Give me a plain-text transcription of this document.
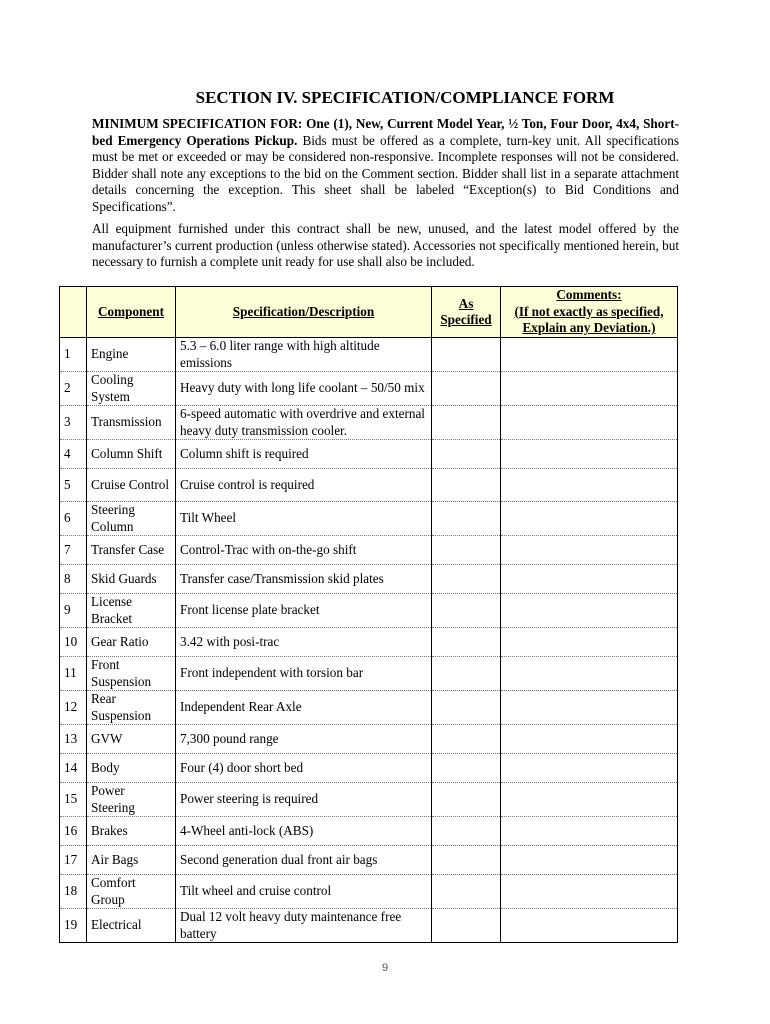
SECTION IV. SPECIFICATION/COMPLIANCE FORM

MINIMUM SPECIFICATION FOR: One (1), New, Current Model Year, ½ Ton, Four Door, 4x4, Short-bed Emergency Operations Pickup. Bids must be offered as a complete, turn-key unit. All specifications must be met or exceeded or may be considered non-responsive. Incomplete responses will not be considered. Bidder shall note any exceptions to the bid on the Comment section. Bidder shall list in a separate attachment details concerning the exception. This sheet shall be labeled “Exception(s) to Bid Conditions and Specifications”.

All equipment furnished under this contract shall be new, unused, and the latest model offered by the manufacturer’s current production (unless otherwise stated). Accessories not specifically mentioned herein, but necessary to furnish a complete unit ready for use shall also be included.

	Component	Specification/Description	As Specified	Comments:
(If not exactly as specified, Explain any Deviation.)
1	Engine	5.3 – 6.0 liter range with high altitude emissions		
2	Cooling System	Heavy duty with long life coolant – 50/50 mix		
3	Transmission	6-speed automatic with overdrive and external heavy duty transmission cooler.		
4	Column Shift	Column shift is required		
5	Cruise Control	Cruise control is required		
6	Steering Column	Tilt Wheel		
7	Transfer Case	Control-Trac with on-the-go shift		
8	Skid Guards	Transfer case/Transmission skid plates		
9	License Bracket	Front license plate bracket		
10	Gear Ratio	3.42 with posi-trac		
11	Front Suspension	Front independent with torsion bar		
12	Rear Suspension	Independent Rear Axle		
13	GVW	7,300 pound range		
14	Body	Four (4) door short bed		
15	Power Steering	Power steering is required		
16	Brakes	4-Wheel anti-lock (ABS)		
17	Air Bags	Second generation dual front air bags		
18	Comfort Group	Tilt wheel and cruise control		
19	Electrical	Dual 12 volt heavy duty maintenance free battery		
9
